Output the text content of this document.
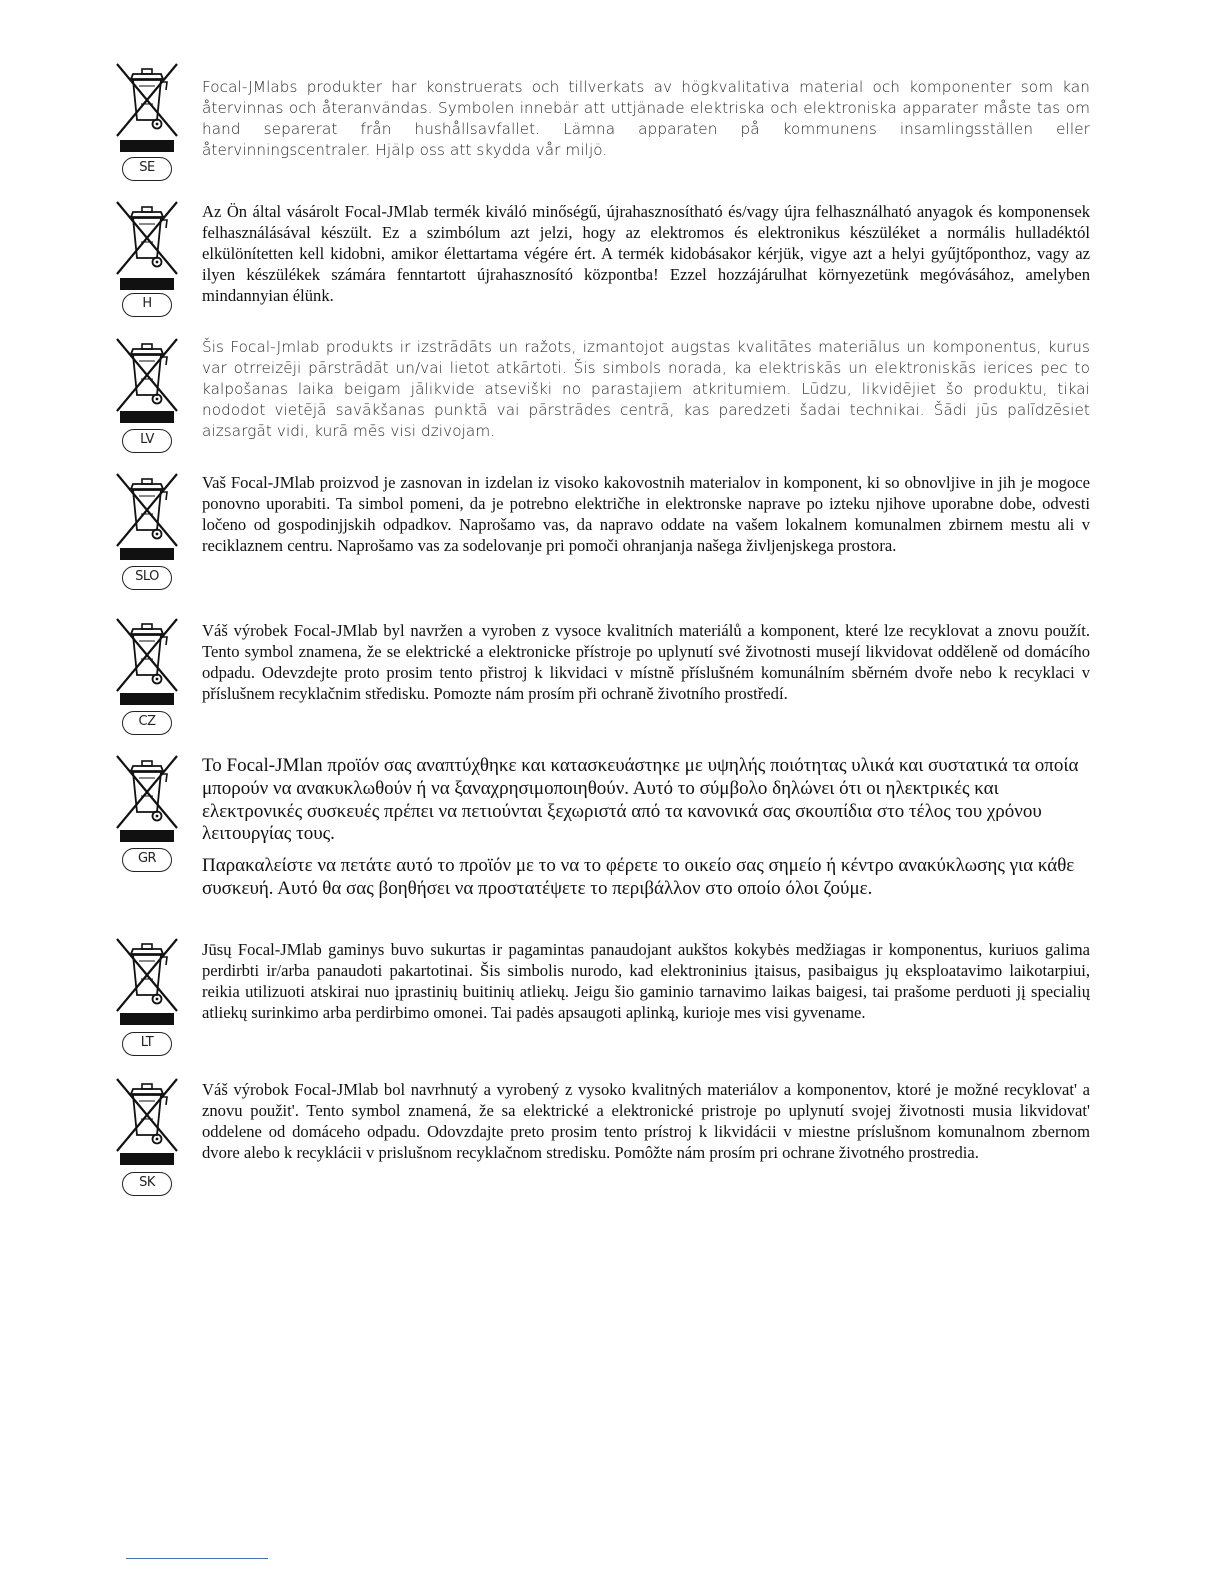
SE

Focal-JMlabs produkter har konstruerats och tillverkats av högkvalitativa material och komponenter som kan återvinnas och återanvändas. Symbolen innebär att uttjänade elektriska och elektroniska apparater måste tas om hand separerat från hushållsavfallet. Lämna apparaten på kommunens insamlingsställen eller återvinningscentraler. Hjälp oss att skydda vår miljö.

H

Az Ön által vásárolt Focal-JMlab termék kiváló minőségű, újrahasznosítható és/vagy újra felhasználható anyagok és komponensek felhasználásával készült. Ez a szimbólum azt jelzi, hogy az elektromos és elektronikus készüléket a normális hulladéktól elkülönítetten kell kidobni, amikor élettartama végére ért. A termék kidobásakor kérjük, vigye azt a helyi gyűjtőponthoz, vagy az ilyen készülékek számára fenntartott újrahasznosító központba! Ezzel hozzájárulhat környezetünk megóvásához, amelyben mindannyian élünk.

LV

Šis Focal-Jmlab produkts ir izstrādāts un ražots, izmantojot augstas kvalitātes materiālus un komponentus, kurus var otrreizēji pārstrādāt un/vai lietot atkārtoti. Šis simbols norada, ka elektriskās un elektroniskās ierices pec to kalpošanas laika beigam jālikvide atseviški no parastajiem atkritumiem. Lūdzu, likvidējiet šo produktu, tikai nododot vietējā savākšanas punktā vai pārstrādes centrā, kas paredzeti šadai technikai. Šādi jūs palīdzēsiet aizsargāt vidi, kurā mēs visi dzivojam.

SLO

Vaš Focal-JMlab proizvod je zasnovan in izdelan iz visoko kakovostnih materialov in komponent, ki so obnovljive in jih je mogoce ponovno uporabiti. Ta simbol pomeni, da je potrebno električhe in elektronske naprave po izteku njihove uporabne dobe, odvesti ločeno od gospodinjjskih odpadkov. Naprošamo vas, da napravo oddate na vašem lokalnem komunalmen zbirnem mestu ali v reciklaznem centru. Naprošamo vas za sodelovanje pri pomoči ohranjanja našega življenjskega prostora.

CZ

Váš výrobek Focal-JMlab byl navržen a vyroben z vysoce kvalitních materiálů a komponent, které lze recyklovat a znovu použít. Tento symbol znamena, že se elektrické a elektronicke přístroje po uplynutí své životnosti musejí likvidovat odděleně od domácího odpadu. Odevzdejte proto prosim tento přistroj k likvidaci v místně příslušném komunálním sběrném dvoře nebo k recyklaci v příslušnem recyklačnim středisku. Pomozte nám prosím při ochraně životního prostředí.

GR

To Focal-JMlan προϊόν σας αναπτύχθηκε και κατασκευάστηκε με υψηλής ποιότητας υλικά και συστατικά τα οποία μπορούν να ανακυκλωθούν ή να ξαναχρησιμοποιηθούν. Αυτό το σύμβολο δηλώνει ότι οι ηλεκτρικές και ελεκτρονικές συσκευές πρέπει να πετιούνται ξεχωριστά από τα κανονικά σας σκουπίδια στο τέλος του χρόνου λειτουργίας τους.

Παρακαλείστε να πετάτε αυτό το προϊόν με το να το φέρετε το οικείο σας σημείο ή κέντρο ανακύκλωσης για κάθε συσκευή. Αυτό θα σας βοηθήσει να προστατέψετε το περιβάλλον στο οποίο όλοι ζούμε.

LT

Jūsų Focal-JMlab gaminys buvo sukurtas ir pagamintas panaudojant aukštos kokybės medžiagas ir komponentus, kuriuos galima perdirbti ir/arba panaudoti pakartotinai. Šis simbolis nurodo, kad elektroninius įtaisus, pasibaigus jų eksploatavimo laikotarpiui, reikia utilizuoti atskirai nuo įprastinių buitinių atliekų. Jeigu šio gaminio tarnavimo laikas baigesi, tai prašome perduoti jį specialių atliekų surinkimo arba perdirbimo omonei. Tai padės apsaugoti aplinką, kurioje mes visi gyvename.

SK

Váš výrobok Focal-JMlab bol navrhnutý a vyrobený z vysoko kvalitných materiálov a komponentov, ktoré je možné recyklovat' a znovu použit'. Tento symbol znamená, že sa elektrické a elektronické pristroje po uplynutí svojej životnosti musia likvidovat' oddelene od domáceho odpadu. Odovzdajte preto prosim tento prístroj k likvidácii v miestne príslušnom komunalnom zbernom dvore alebo k recyklácii v prislušnom recyklačnom stredisku. Pomôžte nám prosím pri ochrane životného prostredia.
